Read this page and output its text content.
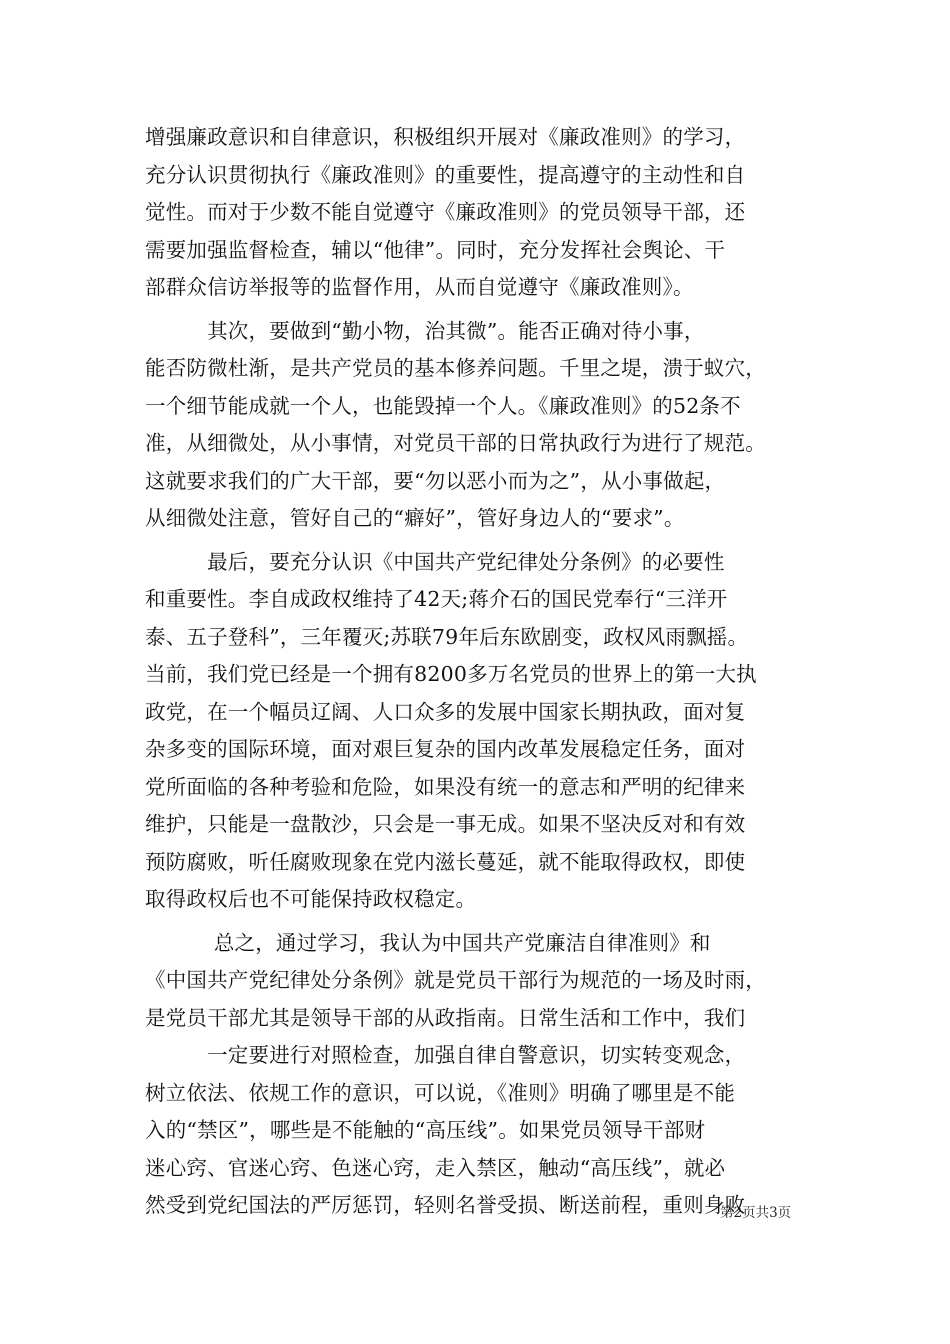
增强廉政意识和自律意识，积极组织开展对《廉政准则》的学习，
充分认识贯彻执行《廉政准则》的重要性，提高遵守的主动性和自
觉性。而对于少数不能自觉遵守《廉政准则》的党员领导干部，还
需要加强监督检查，辅以“他律”。同时，充分发挥社会舆论、干
部群众信访举报等的监督作用，从而自觉遵守《廉政准则》。
　　　其次，要做到“勤小物，治其微”。能否正确对待小事，
能否防微杜渐，是共产党员的基本修养问题。千里之堤，溃于蚁穴，
一个细节能成就一个人，也能毁掉一个人。《廉政准则》的52条不
准，从细微处，从小事情，对党员干部的日常执政行为进行了规范。
这就要求我们的广大干部，要“勿以恶小而为之”，从小事做起，
从细微处注意，管好自己的“癖好”，管好身边人的“要求”。
　　　最后，要充分认识《中国共产党纪律处分条例》的必要性
和重要性。李自成政权维持了42天;蒋介石的国民党奉行“三洋开
泰、五子登科”，三年覆灭;苏联79年后东欧剧变，政权风雨飘摇。
当前，我们党已经是一个拥有8200多万名党员的世界上的第一大执
政党，在一个幅员辽阔、人口众多的发展中国家长期执政，面对复
杂多变的国际环境，面对艰巨复杂的国内改革发展稳定任务，面对
党所面临的各种考验和危险，如果没有统一的意志和严明的纪律来
维护，只能是一盘散沙，只会是一事无成。如果不坚决反对和有效
预防腐败，听任腐败现象在党内滋长蔓延，就不能取得政权，即使
取得政权后也不可能保持政权稳定。
　　　 总之，通过学习，我认为中国共产党廉洁自律准则》和
《中国共产党纪律处分条例》就是党员干部行为规范的一场及时雨，
是党员干部尤其是领导干部的从政指南。日常生活和工作中，我们
　　　一定要进行对照检查，加强自律自警意识，切实转变观念，
树立依法、依规工作的意识，可以说，《准则》明确了哪里是不能
入的“禁区”，哪些是不能触的“高压线”。如果党员领导干部财
迷心窍、官迷心窍、色迷心窍，走入禁区，触动“高压线”，就必
然受到党纪国法的严厉惩罚，轻则名誉受损、断送前程，重则身败
第2页共3页
